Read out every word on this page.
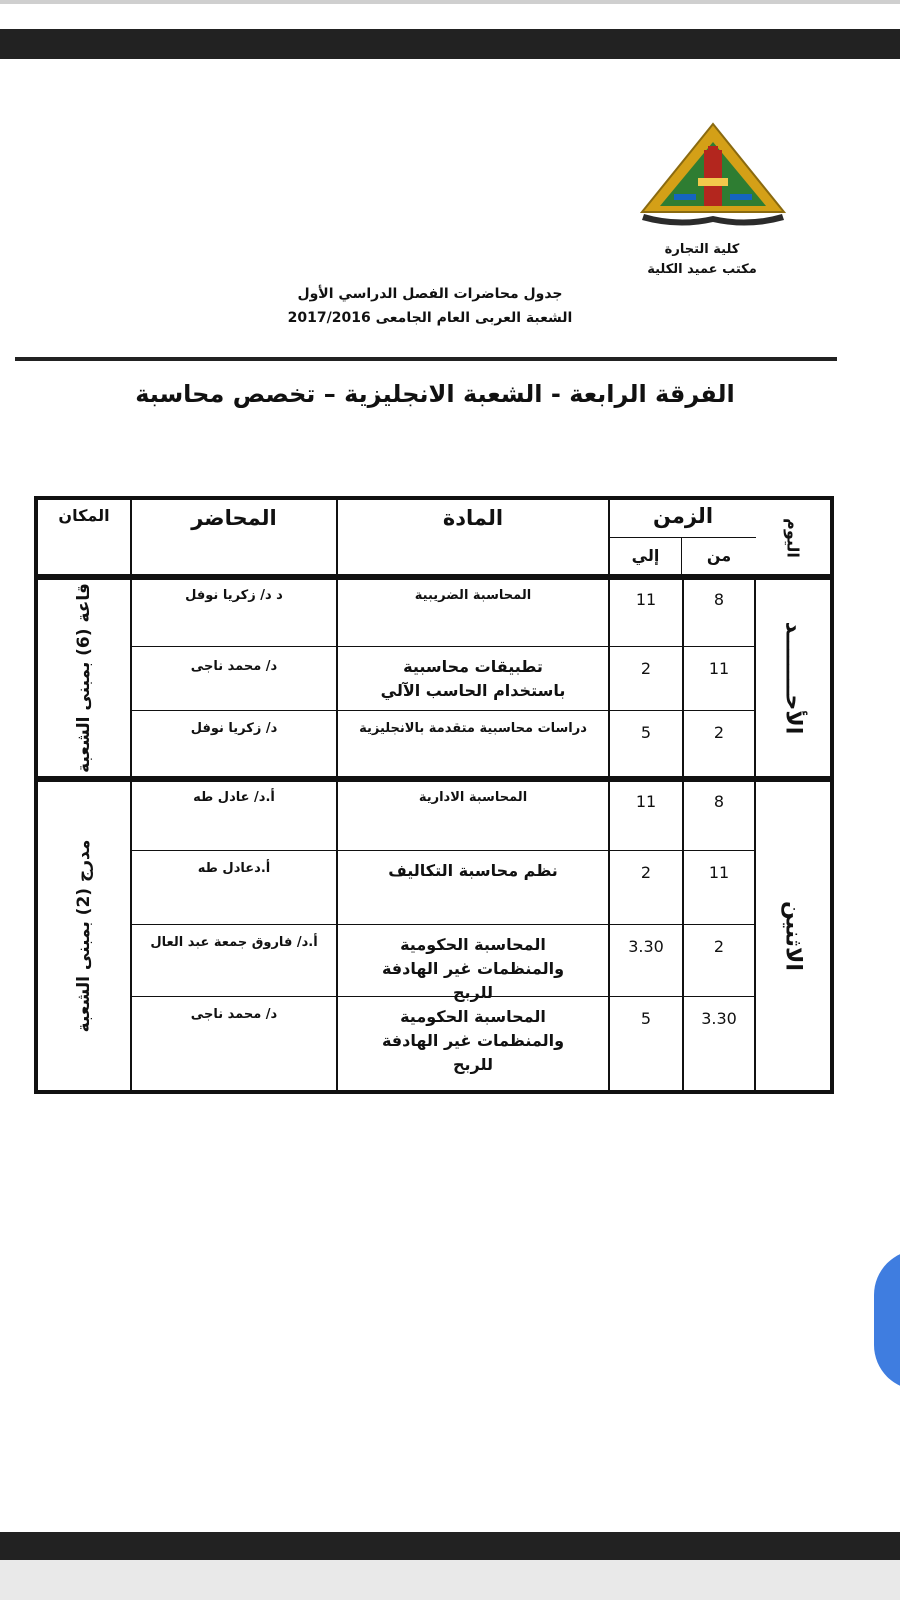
كلية التجارة
مكتب عميد الكلية
جدول محاضرات الفصل الدراسي الأول
الشعبة العربى العام الجامعى 2017/2016
الفرقة الرابعة - الشعبة الانجليزية – تخصص محاسبة
اليوم
الزمن
من
إلي
المادة
المحاضر
المكان
الأحــــــــد
قاعة (6) بمبنى الشعبة	8
11
المحاسبة الضريبية
د د/ زكريا نوفل
11
2
تطبيقات محاسبية باستخدام الحاسب الآلي
د/ محمد ناجى
2
5
دراسات محاسبية متقدمة بالانجليزية
د/ زكريا نوفل
الاثنين
مدرج (2) بمبنى الشعبة
8
11
المحاسبة الادارية
أ.د/ عادل طه
11
2
نظم محاسبة التكاليف
أ.دعادل طه
2
3.30
المحاسبة الحكومية والمنظمات غير الهادفة للربح
أ.د/ فاروق جمعة عبد العال
3.30
5
المحاسبة الحكومية والمنظمات غير الهادفة للربح
د/ محمد ناجى
